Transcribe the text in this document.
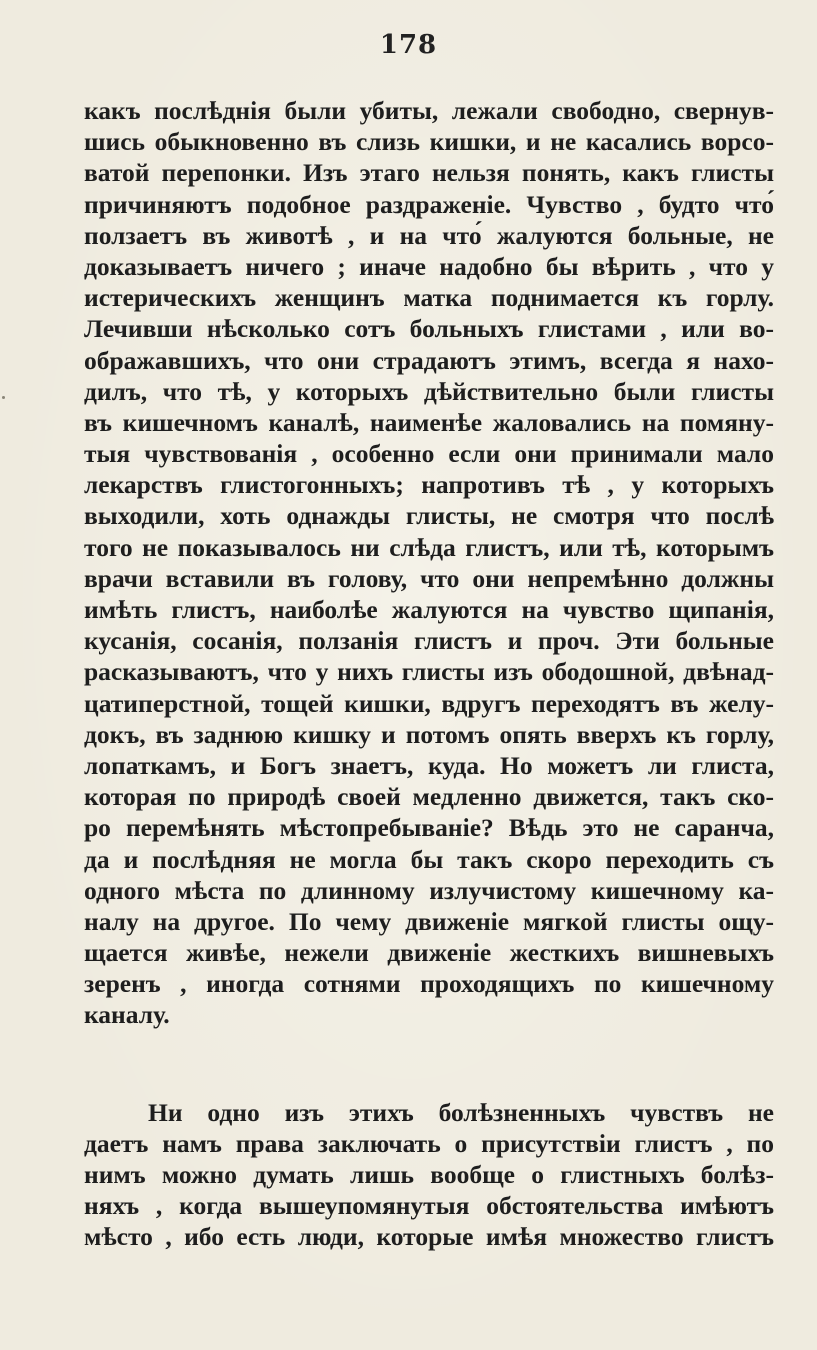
178
какъ послѣднія были убиты, лежали свободно, свернув-
шись обыкновенно въ слизь кишки, и не касались ворсо-
ватой перепонки. Изъ этаго нельзя понять, какъ глисты
причиняютъ подобное раздраженіе. Чувство , будто что́
ползаетъ въ животѣ , и на что́ жалуются больные, не
доказываетъ ничего ; иначе надобно бы вѣрить , что у
истерическихъ женщинъ матка поднимается къ горлу.
Лечивши нѣсколько сотъ больныхъ глистами , или во-
ображавшихъ, что они страдаютъ этимъ, всегда я нахо-
дилъ, что тѣ, у которыхъ дѣйствительно были глисты
въ кишечномъ каналѣ, наименѣе жаловались на помяну-
тыя чувствованія , особенно если они принимали мало
лекарствъ глистогонныхъ; напротивъ тѣ , у которыхъ
выходили, хоть однажды глисты, не смотря что послѣ
того не показывалось ни слѣда глистъ, или тѣ, которымъ
врачи вставили въ голову, что они непремѣнно должны
имѣть глистъ, наиболѣе жалуются на чувство щипанія,
кусанія, сосанія, ползанія глистъ и проч. Эти больные
расказываютъ, что у нихъ глисты изъ ободошной, двѣнад-
цатиперстной, тощей кишки, вдругъ переходятъ въ желу-
докъ, въ заднюю кишку и потомъ опять вверхъ къ горлу,
лопаткамъ, и Богъ знаетъ, куда. Но можетъ ли глиста,
которая по природѣ своей медленно движется, такъ ско-
ро перемѣнять мѣстопребываніе? Вѣдь это не саранча,
да и послѣдняя не могла бы такъ скоро переходить съ
одного мѣста по длинному излучистому кишечному ка-
налу на другое. По чему движеніе мягкой глисты ощу-
щается живѣе, нежели движеніе жесткихъ вишневыхъ
зеренъ , иногда сотнями проходящихъ по кишечному
каналу.
Ни одно изъ этихъ болѣзненныхъ чувствъ не
даетъ намъ права заключать о присутствіи глистъ , по
нимъ можно думать лишь вообще о глистныхъ болѣз-
няхъ , когда вышеупомянутыя обстоятельства имѣютъ
мѣсто , ибо есть люди, которые имѣя множество глистъ
